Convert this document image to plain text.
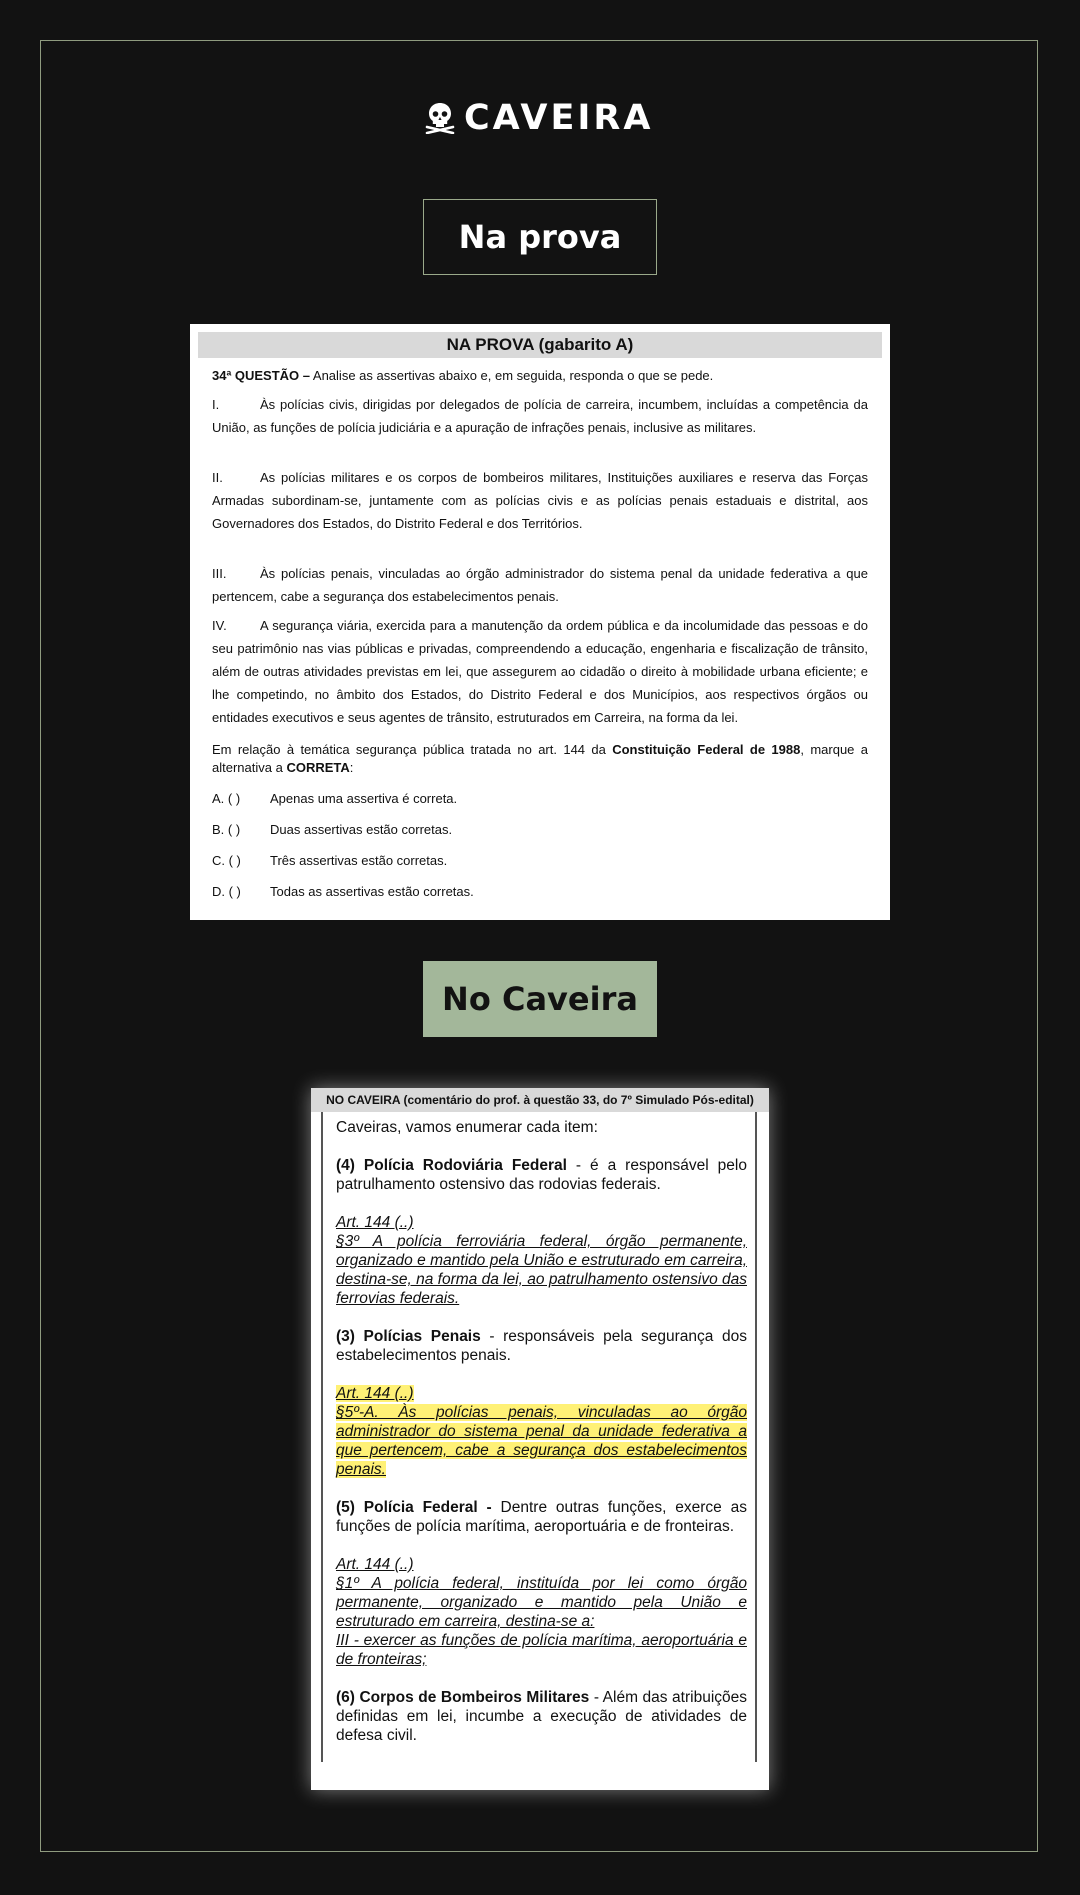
CAVEIRA
Na prova
NA PROVA (gabarito A)
34ª QUESTÃO – Analise as assertivas abaixo e, em seguida, responda o que se pede.
I.	Às polícias civis, dirigidas por delegados de polícia de carreira, incumbem, incluídas a competência da União, as funções de polícia judiciária e a apuração de infrações penais, inclusive as militares.
II.	As polícias militares e os corpos de bombeiros militares, Instituições auxiliares e reserva das Forças Armadas subordinam-se, juntamente com as polícias civis e as polícias penais estaduais e distrital, aos Governadores dos Estados, do Distrito Federal e dos Territórios.
III.	Às polícias penais, vinculadas ao órgão administrador do sistema penal da unidade federativa a que pertencem, cabe a segurança dos estabelecimentos penais.
IV.	A segurança viária, exercida para a manutenção da ordem pública e da incolumidade das pessoas e do seu patrimônio nas vias públicas e privadas, compreendendo a educação, engenharia e fiscalização de trânsito, além de outras atividades previstas em lei, que assegurem ao cidadão o direito à mobilidade urbana eficiente; e lhe competindo, no âmbito dos Estados, do Distrito Federal e dos Municípios, aos respectivos órgãos ou entidades executivos e seus agentes de trânsito, estruturados em Carreira, na forma da lei.
Em relação à temática segurança pública tratada no art. 144 da Constituição Federal de 1988, marque a alternativa a CORRETA:
A. ( ) Apenas uma assertiva é correta.
B. ( ) Duas assertivas estão corretas.
C. ( ) Três assertivas estão corretas.
D. ( ) Todas as assertivas estão corretas.
No Caveira
NO CAVEIRA (comentário do prof. à questão 33, do 7º Simulado Pós-edital)

Caveiras, vamos enumerar cada item:

(4) Polícia Rodoviária Federal - é a responsável pelo patrulhamento ostensivo das rodovias federais.

Art. 144 (..)

§3º A polícia ferroviária federal, órgão permanente, organizado e mantido pela União e estruturado em carreira, destina-se, na forma da lei, ao patrulhamento ostensivo das ferrovias federais.

(3) Polícias Penais - responsáveis pela segurança dos estabelecimentos penais.

Art. 144 (..)

§5º-A. Às polícias penais, vinculadas ao órgão administrador do sistema penal da unidade federativa a que pertencem, cabe a segurança dos estabelecimentos penais.

(5) Polícia Federal - Dentre outras funções, exerce as funções de polícia marítima, aeroportuária e de fronteiras.

Art. 144 (..)

§1º A polícia federal, instituída por lei como órgão permanente, organizado e mantido pela União e estruturado em carreira, destina-se a:

III - exercer as funções de polícia marítima, aeroportuária e de fronteiras;

(6) Corpos de Bombeiros Militares - Além das atribuições definidas em lei, incumbe a execução de atividades de defesa civil.
